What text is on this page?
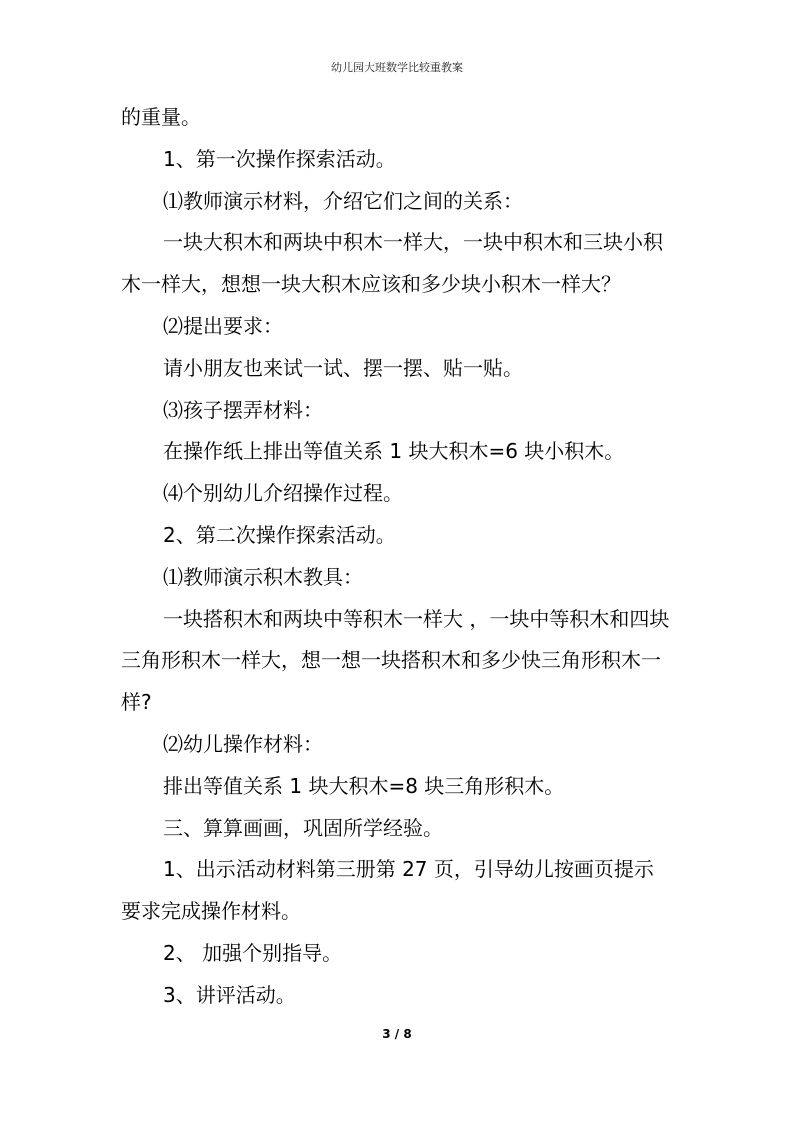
幼儿园大班数学比较重教案

的重量。

1、第一次操作探索活动。

⑴教师演示材料，介绍它们之间的关系：

一块大积木和两块中积木一样大，一块中积木和三块小积木一样大，想想一块大积木应该和多少块小积木一样大？

⑵提出要求：

请小朋友也来试一试、摆一摆、贴一贴。

⑶孩子摆弄材料：

在操作纸上排出等值关系 1 块大积木=6 块小积木。

⑷个别幼儿介绍操作过程。

2、第二次操作探索活动。

⑴教师演示积木教具：

一块搭积木和两块中等积木一样大 ，一块中等积木和四块三角形积木一样大，想一想一块搭积木和多少快三角形积木一样?

⑵幼儿操作材料：

排出等值关系 1 块大积木=8 块三角形积木。

三、算算画画，巩固所学经验。

1、出示活动材料第三册第 27 页，引导幼儿按画页提示要求完成操作材料。

2、 加强个别指导。

3、讲评活动。

3 / 8
